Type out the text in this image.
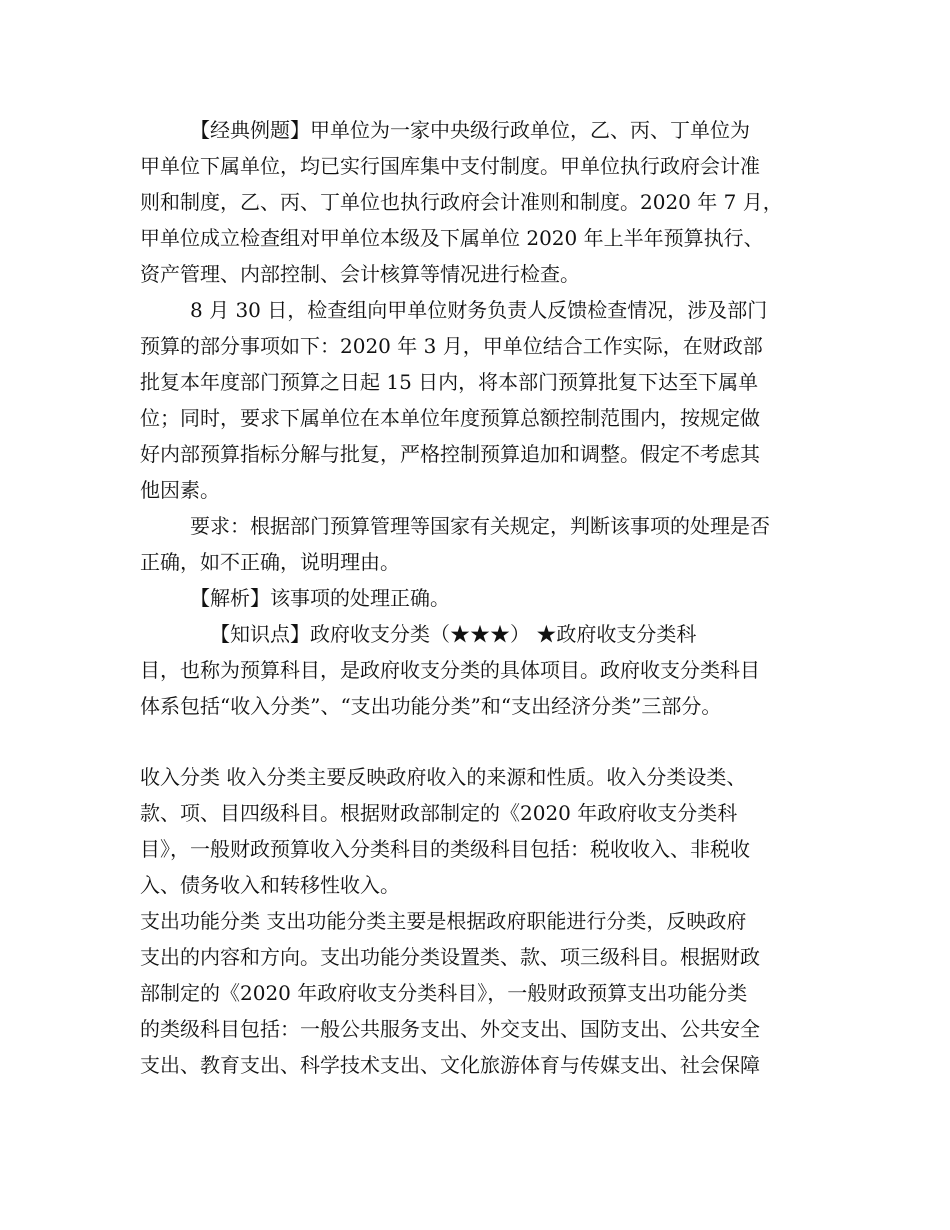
【经典例题】甲单位为一家中央级行政单位，乙、丙、丁单位为
甲单位下属单位，均已实行国库集中支付制度。甲单位执行政府会计准
则和制度，乙、丙、丁单位也执行政府会计准则和制度。2020 年 7 月，
甲单位成立检查组对甲单位本级及下属单位 2020 年上半年预算执行、
资产管理、内部控制、会计核算等情况进行检查。
8 月 30 日，检查组向甲单位财务负责人反馈检查情况，涉及部门
预算的部分事项如下：2020 年 3 月，甲单位结合工作实际，在财政部
批复本年度部门预算之日起 15 日内，将本部门预算批复下达至下属单
位；同时，要求下属单位在本单位年度预算总额控制范围内，按规定做
好内部预算指标分解与批复，严格控制预算追加和调整。假定不考虑其
他因素。
要求：根据部门预算管理等国家有关规定，判断该事项的处理是否
正确，如不正确，说明理由。
【解析】该事项的处理正确。
【知识点】政府收支分类（★★★） ★政府收支分类科
目，也称为预算科目，是政府收支分类的具体项目。政府收支分类科目
体系包括“收入分类”、“支出功能分类”和“支出经济分类”三部分。
收入分类 收入分类主要反映政府收入的来源和性质。收入分类设类、
款、项、目四级科目。根据财政部制定的《2020 年政府收支分类科
目》，一般财政预算收入分类科目的类级科目包括：税收收入、非税收
入、债务收入和转移性收入。
支出功能分类 支出功能分类主要是根据政府职能进行分类，反映政府
支出的内容和方向。支出功能分类设置类、款、项三级科目。根据财政
部制定的《2020 年政府收支分类科目》，一般财政预算支出功能分类
的类级科目包括：一般公共服务支出、外交支出、国防支出、公共安全
支出、教育支出、科学技术支出、文化旅游体育与传媒支出、社会保障
